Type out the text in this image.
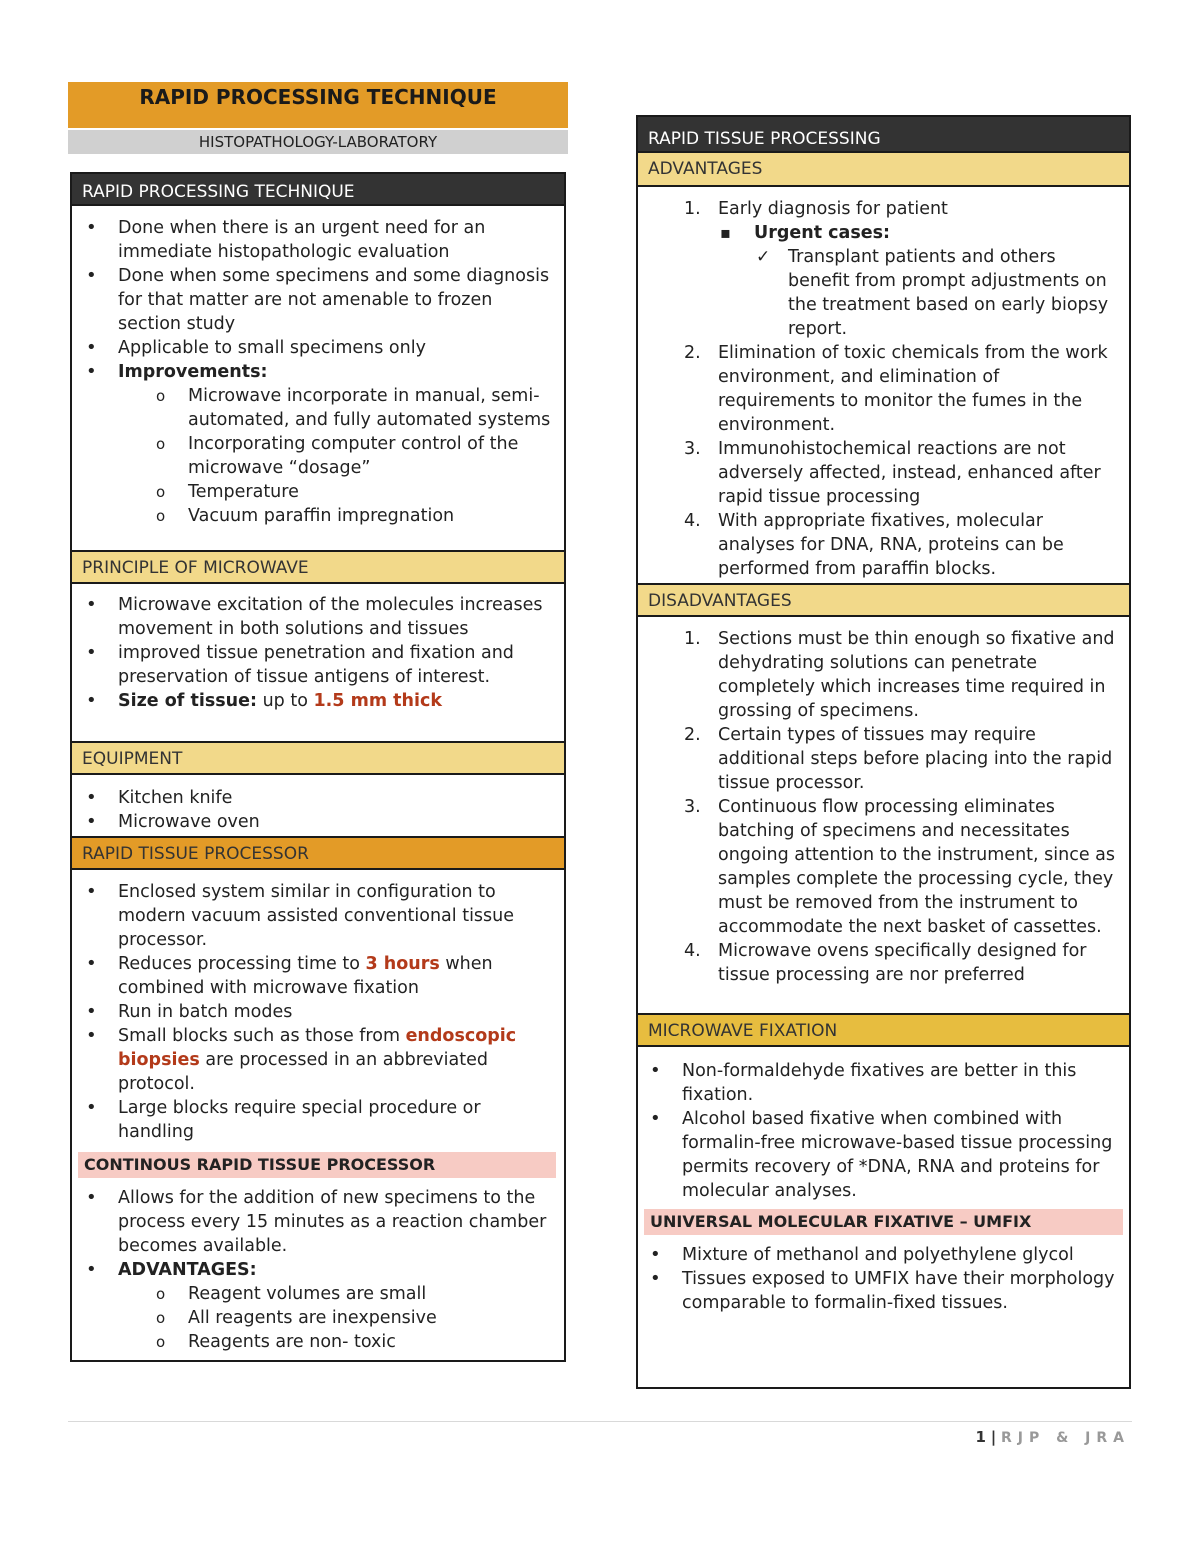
RAPID PROCESSING TECHNIQUE
HISTOPATHOLOGY-LABORATORY
RAPID PROCESSING TECHNIQUE
• Done when there is an urgent need for an immediate histopathologic evaluation
• Done when some specimens and some diagnosis for that matter are not amenable to frozen section study
• Applicable to small specimens only
• Improvements:
o Microwave incorporate in manual, semi-automated, and fully automated systems
o Incorporating computer control of the microwave “dosage”
o Temperature
o Vacuum paraffin impregnation
PRINCIPLE OF MICROWAVE
• Microwave excitation of the molecules increases movement in both solutions and tissues
• improved tissue penetration and fixation and preservation of tissue antigens of interest.
• Size of tissue: up to 1.5 mm thick
EQUIPMENT
• Kitchen knife
• Microwave oven
RAPID TISSUE PROCESSOR
• Enclosed system similar in configuration to modern vacuum assisted conventional tissue processor.
• Reduces processing time to 3 hours when combined with microwave fixation
• Run in batch modes
• Small blocks such as those from endoscopic biopsies are processed in an abbreviated protocol.
• Large blocks require special procedure or handling
CONTINOUS RAPID TISSUE PROCESSOR
• Allows for the addition of new specimens to the process every 15 minutes as a reaction chamber becomes available.
• ADVANTAGES:
o Reagent volumes are small
o All reagents are inexpensive
o Reagents are non- toxic
RAPID TISSUE PROCESSING
ADVANTAGES
1. Early diagnosis for patient
▪ Urgent cases:
✓ Transplant patients and others benefit from prompt adjustments on the treatment based on early biopsy report.
2. Elimination of toxic chemicals from the work environment, and elimination of requirements to monitor the fumes in the environment.
3. Immunohistochemical reactions are not adversely affected, instead, enhanced after rapid tissue processing
4. With appropriate fixatives, molecular analyses for DNA, RNA, proteins can be performed from paraffin blocks.
DISADVANTAGES
1. Sections must be thin enough so fixative and dehydrating solutions can penetrate completely which increases time required in grossing of specimens.
2. Certain types of tissues may require additional steps before placing into the rapid tissue processor.
3. Continuous flow processing eliminates batching of specimens and necessitates ongoing attention to the instrument, since as samples complete the processing cycle, they must be removed from the instrument to accommodate the next basket of cassettes.
4. Microwave ovens specifically designed for tissue processing are nor preferred
MICROWAVE FIXATION
• Non-formaldehyde fixatives are better in this fixation.
• Alcohol based fixative when combined with formalin-free microwave-based tissue processing permits recovery of *DNA, RNA and proteins for molecular analyses.
UNIVERSAL MOLECULAR FIXATIVE – UMFIX
• Mixture of methanol and polyethylene glycol
• Tissues exposed to UMFIX have their morphology comparable to formalin-fixed tissues.
1 | RJP & JRA
